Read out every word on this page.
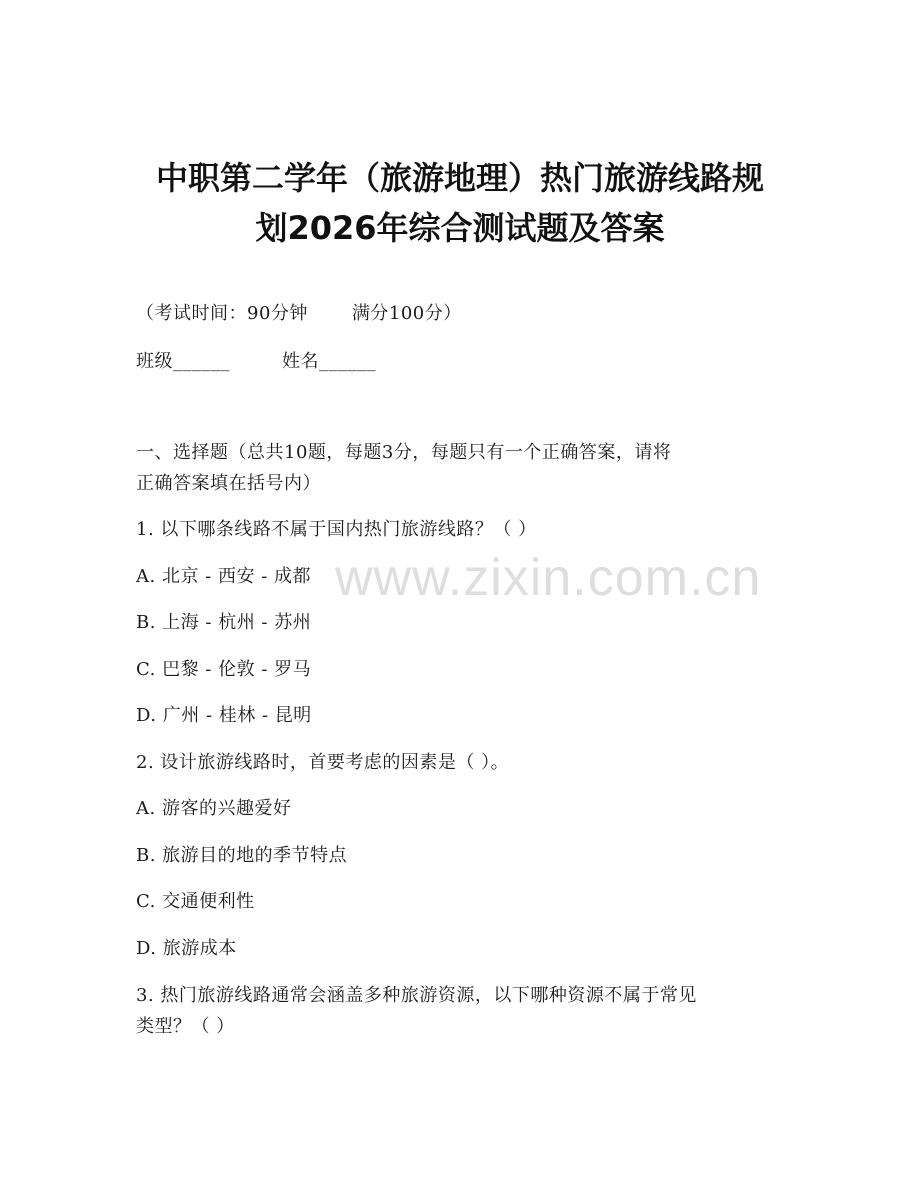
中职第二学年（旅游地理）热门旅游线路规
划2026年综合测试题及答案
（考试时间：90分钟 满分100分）
班级______	姓名______
一、选择题（总共10题，每题3分，每题只有一个正确答案，请将
正确答案填在括号内）
1. 以下哪条线路不属于国内热门旅游线路？（ ）
A. 北京 - 西安 - 成都
B. 上海 - 杭州 - 苏州
C. 巴黎 - 伦敦 - 罗马
D. 广州 - 桂林 - 昆明
2. 设计旅游线路时，首要考虑的因素是（ ）。
A. 游客的兴趣爱好
B. 旅游目的地的季节特点
C. 交通便利性
D. 旅游成本
3. 热门旅游线路通常会涵盖多种旅游资源，以下哪种资源不属于常见
类型？（ ）
www.zixin.com.cn
